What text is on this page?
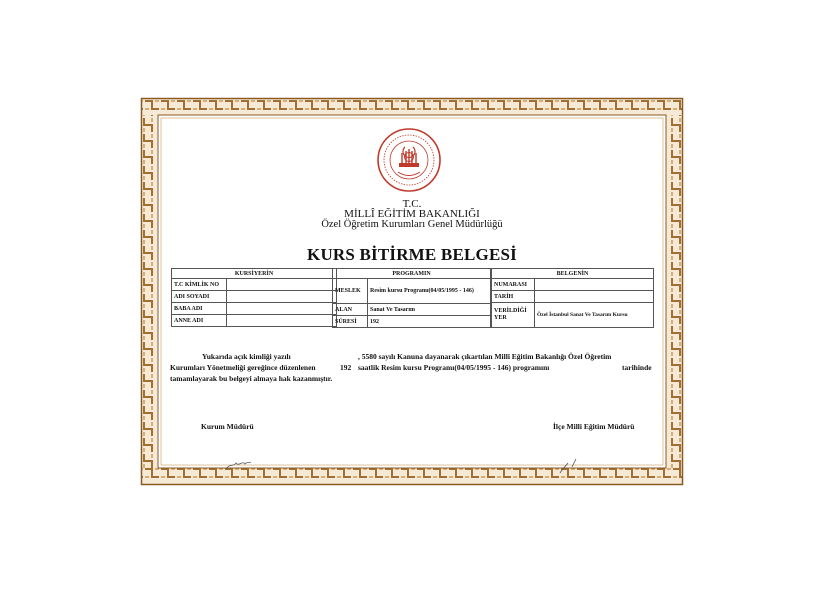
T.C.
MİLLÎ EĞİTİM BAKANLIĞI
Özel Öğretim Kurumları Genel Müdürlüğü
KURS BİTİRME BELGESİ
KURSİYERİN	
T.C KİMLİK NO	
ADI SOYADI	
BABA ADI	
ANNE ADI	
PROGRAMIN	
MESLEK	Resim kursu Programı(04/05/1995 - 146)
ALAN	Sanat Ve Tasarım
SÜRESİ	192
BELGENİN	
NUMARASI	
TARİH	
VERİLDİĞİ YER	Özel İstanbul Sanat Ve Tasarım Kursu
Yukarıda açık kimliği yazılı	, 5580 sayılı Kanuna dayanarak çıkartılan Millî Eğitim Bakanlığı Özel Öğretim
Kurumları Yönetmeliği gereğince düzenlenen	192 saatlik Resim kursu Programı(04/05/1995 - 146) programını	tarihinde
tamamlayarak bu belgeyi almaya hak kazanmıştır.
Kurum Müdürü	İlçe Milli Eğitim Müdürü
